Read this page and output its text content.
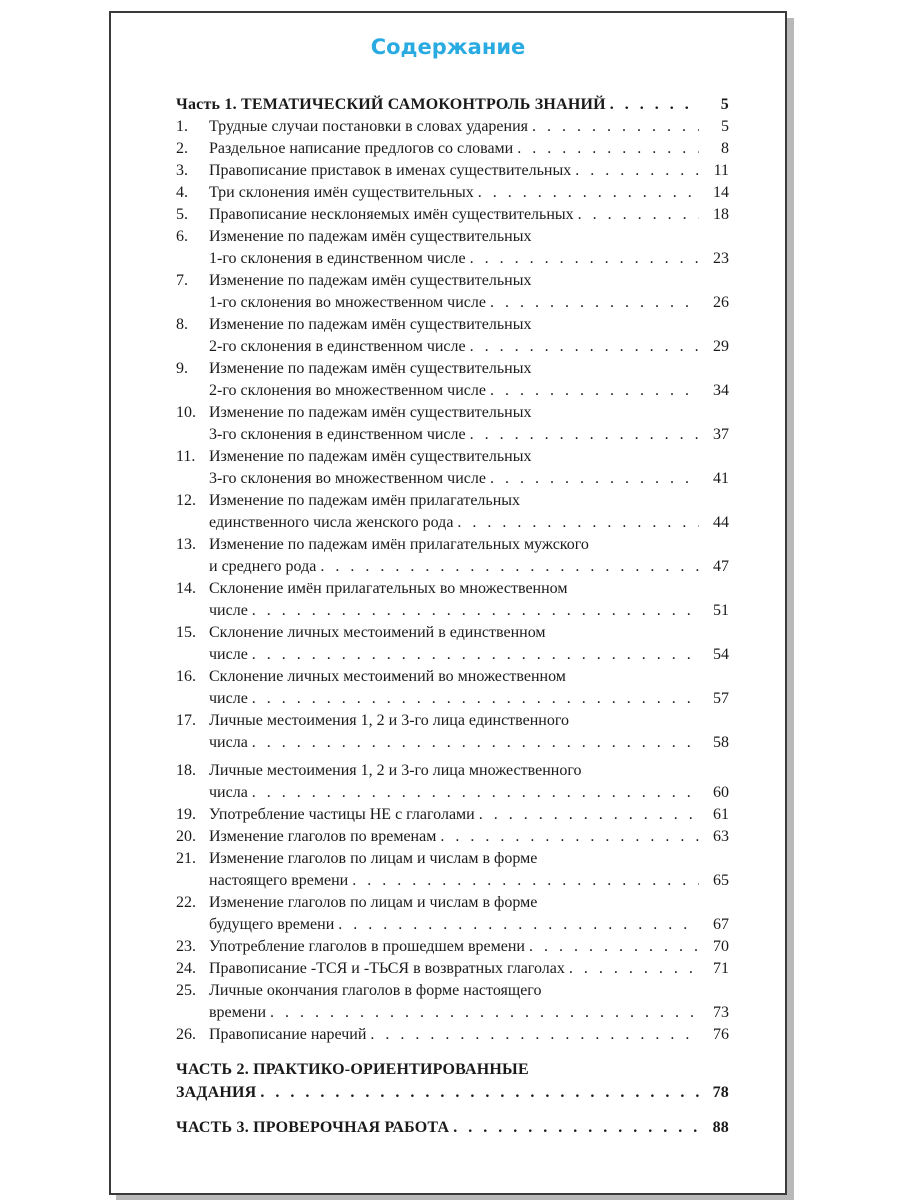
Содержание
Часть 1. ТЕМАТИЧЕСКИЙ САМОКОНТРОЛЬ ЗНАНИЙ . . .	5
1.	Трудные случаи постановки в словах ударения . . .	5
2.	Раздельное написание предлогов со словами . . .	8
3.	Правописание приставок в именах существительных . . .	11
4.	Три склонения имён существительных . . .	14
5.	Правописание несклоняемых имён существительных . . .	18
6.	Изменение по падежам имён существительных
1-го склонения в единственном числе . . .	23
7.	Изменение по падежам имён существительных
1-го склонения во множественном числе . . .	26
8.	Изменение по падежам имён существительных
2-го склонения в единственном числе . . .	29
9.	Изменение по падежам имён существительных
2-го склонения во множественном числе . . .	34
10. Изменение по падежам имён существительных
3-го склонения в единственном числе . . .	37
11. Изменение по падежам имён существительных
3-го склонения во множественном числе . . .	41
12. Изменение по падежам имён прилагательных
единственного числа женского рода . . .	44
13. Изменение по падежам имён прилагательных мужского
и среднего рода . . .	47
14. Склонение имён прилагательных во множественном
числе . . .	51
15. Склонение личных местоимений в единственном
числе . . .	54
16. Склонение личных местоимений во множественном
числе . . .	57
17. Личные местоимения 1, 2 и 3-го лица единственного
числа . . .	58
18. Личные местоимения 1, 2 и 3-го лица множественного
числа . . .	60
19. Употребление частицы НЕ с глаголами . . .	61
20. Изменение глаголов по временам . . .	63
21. Изменение глаголов по лицам и числам в форме
настоящего времени . . .	65
22. Изменение глаголов по лицам и числам в форме
будущего времени . . .	67
23. Употребление глаголов в прошедшем времени . . .	70
24. Правописание -ТСЯ и -ТЬСЯ в возвратных глаголах . . .	71
25. Личные окончания глаголов в форме настоящего
времени . . .	73
26. Правописание наречий . . .	76
ЧАСТЬ 2. ПРАКТИКО-ОРИЕНТИРОВАННЫЕ
ЗАДАНИЯ . . .	78
ЧАСТЬ 3. ПРОВЕРОЧНАЯ РАБОТА . . .	88
